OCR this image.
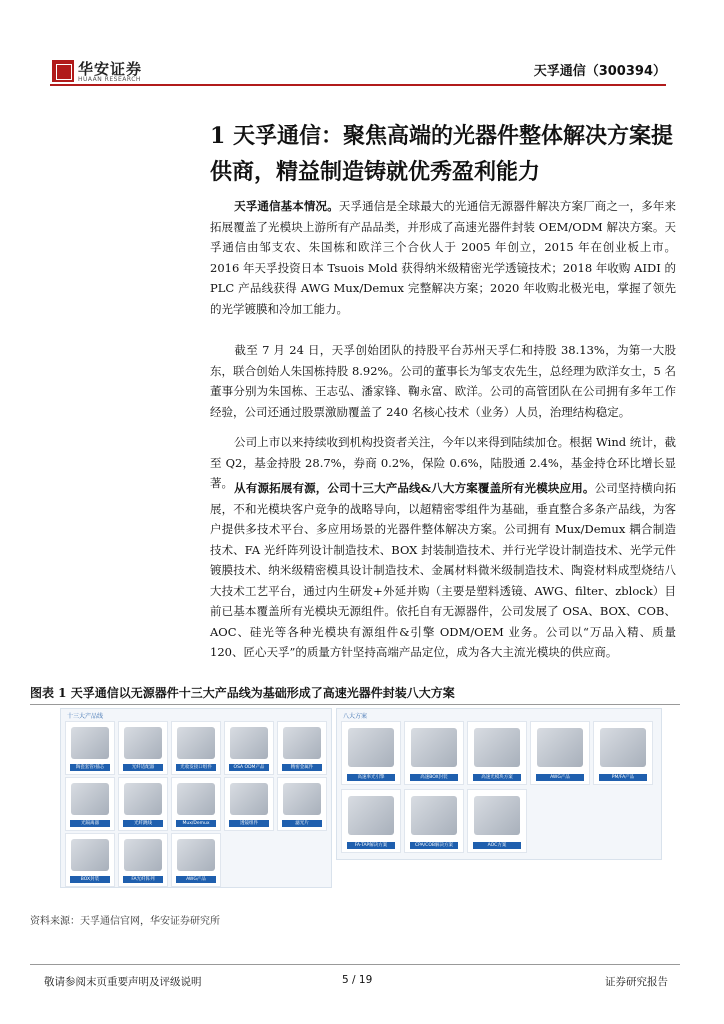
华安证券
HUAAN RESEARCH
天孚通信（300394）
1 天孚通信：聚焦高端的光器件整体解决方案提供商，精益制造铸就优秀盈利能力
天孚通信基本情况。天孚通信是全球最大的光通信无源器件解决方案厂商之一，多年来拓展覆盖了光模块上游所有产品品类，并形成了高速光器件封装 OEM/ODM 解决方案。天孚通信由邹支农、朱国栋和欧洋三个合伙人于 2005 年创立，2015 年在创业板上市。2016 年天孚投资日本 Tsuois Mold 获得纳米级精密光学透镜技术；2018 年收购 AIDI 的 PLC 产品线获得 AWG Mux/Demux 完整解决方案；2020 年收购北极光电，掌握了领先的光学镀膜和冷加工能力。
截至 7 月 24 日，天孚创始团队的持股平台苏州天孚仁和持股 38.13%，为第一大股东，联合创始人朱国栋持股 8.92%。公司的董事长为邹支农先生，总经理为欧洋女士，5 名董事分别为朱国栋、王志弘、潘家锋、鞠永富、欧洋。公司的高管团队在公司拥有多年工作经验，公司还通过股票激励覆盖了 240 名核心技术（业务）人员，治理结构稳定。
公司上市以来持续收到机构投资者关注，今年以来得到陆续加仓。根据 Wind 统计，截至 Q2，基金持股 28.7%，券商 0.2%，保险 0.6%，陆股通 2.4%，基金持仓环比增长显著。 从有源拓展有源，公司十三大产品线&八大方案覆盖所有光模块应用。公司坚持横向拓展，不和光模块客户竞争的战略导向，以超精密零组件为基础，垂直整合多条产品线，为客户提供多技术平台、多应用场景的光器件整体解决方案。公司拥有 Mux/Demux 耦合制造技术、FA 光纤阵列设计制造技术、BOX 封装制造技术、并行光学设计制造技术、光学元件镀膜技术、纳米级精密模具设计制造技术、金属材料微米级制造技术、陶瓷材料成型烧结八大技术工艺平台，通过内生研发+外延并购（主要是塑料透镜、AWG、filter、zblock）目前已基本覆盖所有光模块无源组件。依托自有无源器件，公司发展了 OSA、BOX、COB、AOC、硅光等各种光模块有源组件&引擎 ODM/OEM 业务。公司以“万品入精、质量 120、匠心天孚”的质量方针坚持高端产品定位，成为各大主流光模块的供应商。
图表 1 天孚通信以无源器件十三大产品线为基础形成了高速光器件封装八大方案
十三大产品线
陶瓷套管/插芯	光纤适配器	光收发接口组件	OSA ODM产品	精密金属件
光隔离器	光纤跳线	Mux/Demux	透镜组件	滤光片
BOX封装	FA光纤阵列	AWG产品
八大方案
高速率光引擎	高速BOX封装	高速光模块方案	AWG产品	PM/FA产品
FA-TAP解决方案	CPA/COB解决方案	AOC方案
资料来源：天孚通信官网，华安证券研究所
敬请参阅末页重要声明及评级说明	5 / 19	证券研究报告
